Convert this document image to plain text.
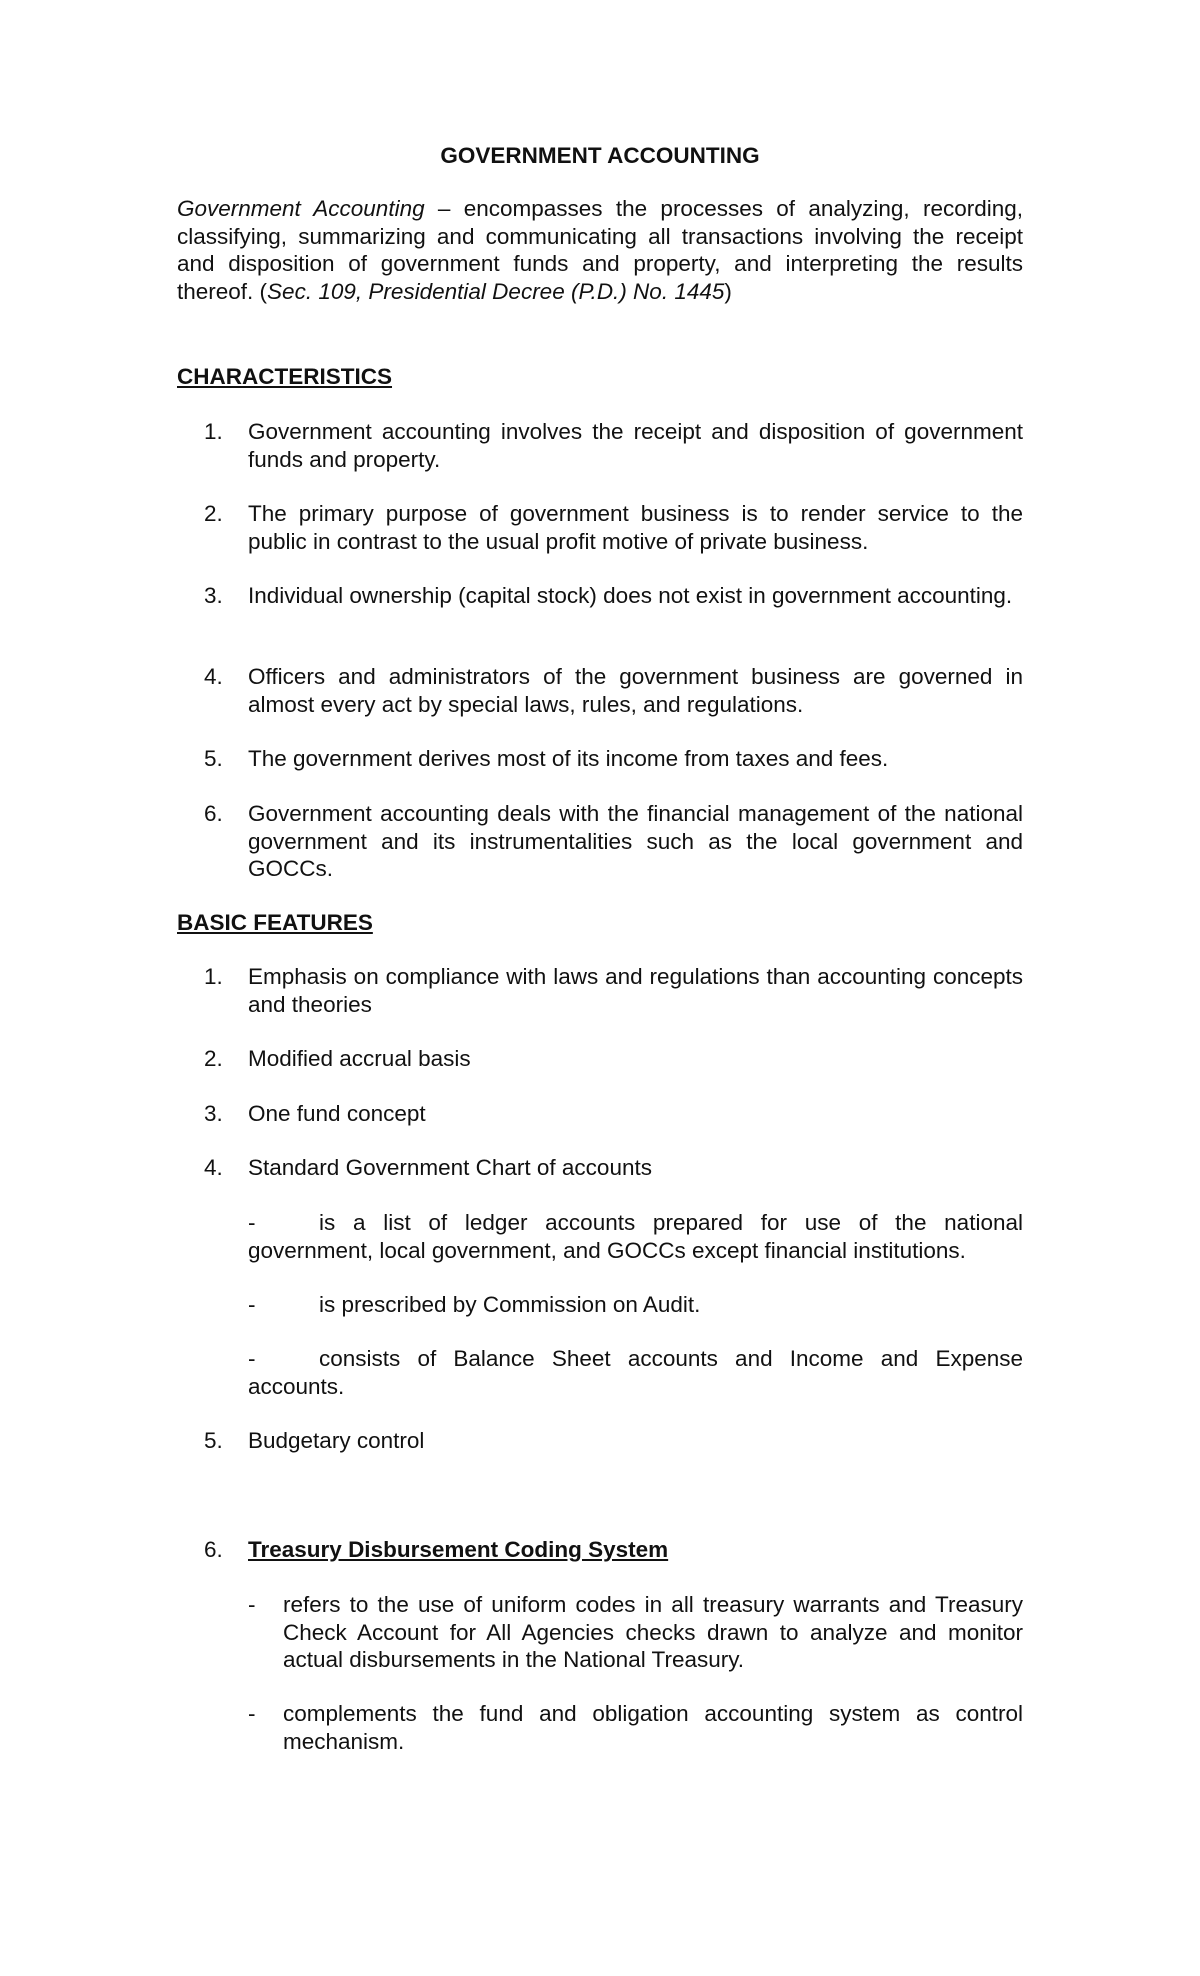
GOVERNMENT ACCOUNTING

Government Accounting – encompasses the processes of analyzing, recording, classifying, summarizing and communicating all transactions involving the receipt and disposition of government funds and property, and interpreting the results thereof. (Sec. 109, Presidential Decree (P.D.) No. 1445)

CHARACTERISTICS
1.	Government accounting involves the receipt and disposition of government funds and property.
2.	The primary purpose of government business is to render service to the public in contrast to the usual profit motive of private business.
3.	Individual ownership (capital stock) does not exist in government accounting.
4.	Officers and administrators of the government business are governed in almost every act by special laws, rules, and regulations.
5.	The government derives most of its income from taxes and fees.
6.	Government accounting deals with the financial management of the national government and its instrumentalities such as the local government and GOCCs.
BASIC FEATURES
1.	Emphasis on compliance with laws and regulations than accounting concepts and theories
2.	Modified accrual basis
3.	One fund concept
4.	Standard Government Chart of accounts
-	is a list of ledger accounts prepared for use of the national government, local government, and GOCCs except financial institutions.
-	is prescribed by Commission on Audit.
-	consists of Balance Sheet accounts and Income and Expense accounts.
5.	Budgetary control
6.	Treasury Disbursement Coding System
- refers to the use of uniform codes in all treasury warrants and Treasury Check Account for All Agencies checks drawn to analyze and monitor actual disbursements in the National Treasury.
- complements the fund and obligation accounting system as control mechanism.
